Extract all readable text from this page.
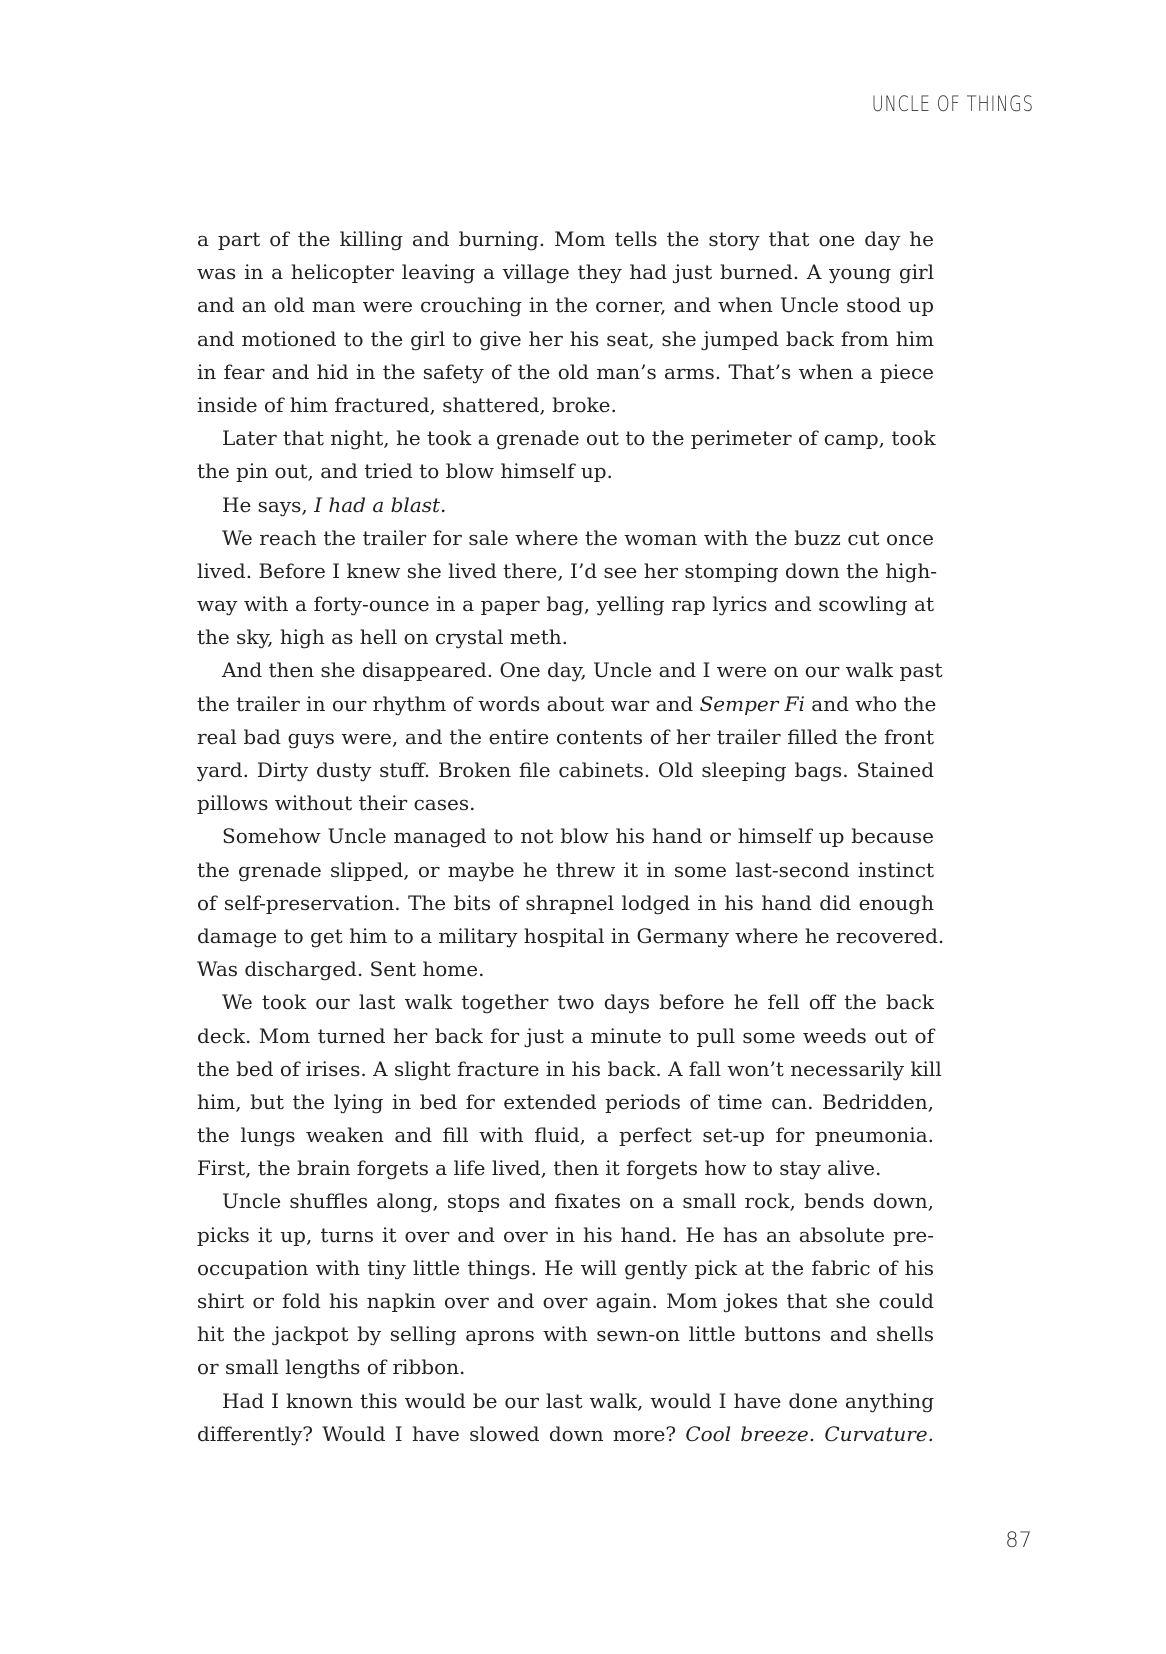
UNCLE OF THINGS
a part of the killing and burning. Mom tells the story that one day he
was in a helicopter leaving a village they had just burned. A young girl
and an old man were crouching in the corner, and when Uncle stood up
and motioned to the girl to give her his seat, she jumped back from him
in fear and hid in the safety of the old man’s arms. That’s when a piece
inside of him fractured, shattered, broke.
Later that night, he took a grenade out to the perimeter of camp, took
the pin out, and tried to blow himself up.
He says, I had a blast.
We reach the trailer for sale where the woman with the buzz cut once
lived. Before I knew she lived there, I’d see her stomping down the high-
way with a forty-ounce in a paper bag, yelling rap lyrics and scowling at
the sky, high as hell on crystal meth.
And then she disappeared. One day, Uncle and I were on our walk past
the trailer in our rhythm of words about war and Semper Fi and who the
real bad guys were, and the entire contents of her trailer filled the front
yard. Dirty dusty stuff. Broken file cabinets. Old sleeping bags. Stained
pillows without their cases.
Somehow Uncle managed to not blow his hand or himself up because
the grenade slipped, or maybe he threw it in some last-second instinct
of self-preservation. The bits of shrapnel lodged in his hand did enough
damage to get him to a military hospital in Germany where he recovered.
Was discharged. Sent home.
We took our last walk together two days before he fell off the back
deck. Mom turned her back for just a minute to pull some weeds out of
the bed of irises. A slight fracture in his back. A fall won’t necessarily kill
him, but the lying in bed for extended periods of time can. Bedridden,
the lungs weaken and fill with fluid, a perfect set-up for pneumonia.
First, the brain forgets a life lived, then it forgets how to stay alive.
Uncle shuffles along, stops and fixates on a small rock, bends down,
picks it up, turns it over and over in his hand. He has an absolute pre-
occupation with tiny little things. He will gently pick at the fabric of his
shirt or fold his napkin over and over again. Mom jokes that she could
hit the jackpot by selling aprons with sewn-on little buttons and shells
or small lengths of ribbon.
Had I known this would be our last walk, would I have done anything
differently? Would I have slowed down more? Cool breeze. Curvature.
87
